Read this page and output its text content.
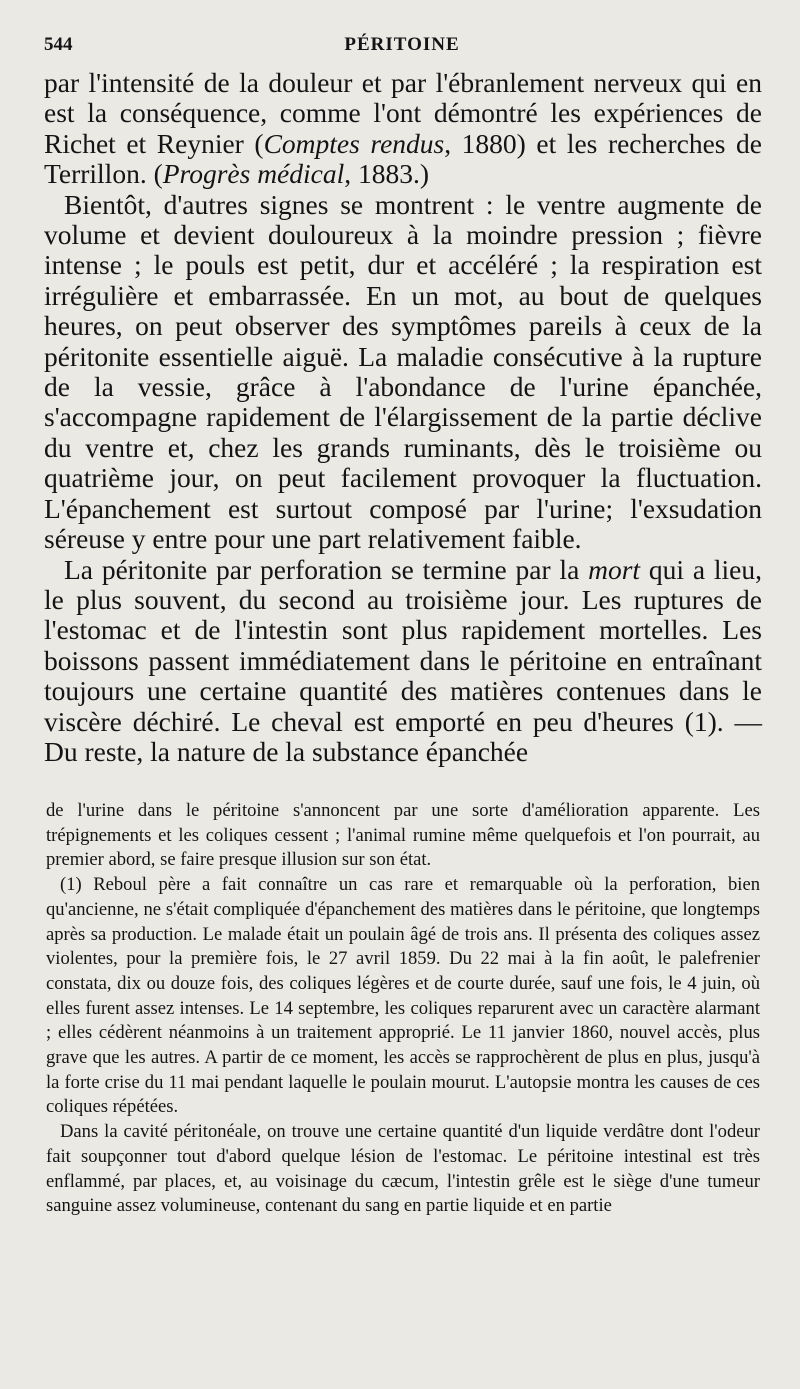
544	PÉRITOINE

par l'intensité de la douleur et par l'ébranlement nerveux qui en est la conséquence, comme l'ont démontré les expériences de Richet et Reynier (Comptes rendus, 1880) et les recherches de Terrillon. (Progrès médical, 1883.)

Bientôt, d'autres signes se montrent : le ventre augmente de volume et devient douloureux à la moindre pression ; fièvre intense ; le pouls est petit, dur et accéléré ; la respiration est irrégulière et embarrassée. En un mot, au bout de quelques heures, on peut observer des symptômes pareils à ceux de la péritonite essentielle aiguë. La maladie consécutive à la rupture de la vessie, grâce à l'abondance de l'urine épanchée, s'accompagne rapidement de l'élargissement de la partie déclive du ventre et, chez les grands ruminants, dès le troisième ou quatrième jour, on peut facilement provoquer la fluctuation. L'épanchement est surtout composé par l'urine; l'exsudation séreuse y entre pour une part relativement faible.

La péritonite par perforation se termine par la mort qui a lieu, le plus souvent, du second au troisième jour. Les ruptures de l'estomac et de l'intestin sont plus rapidement mortelles. Les boissons passent immédiatement dans le péritoine en entraînant toujours une certaine quantité des matières contenues dans le viscère déchiré. Le cheval est emporté en peu d'heures (1). — Du reste, la nature de la substance épanchée

de l'urine dans le péritoine s'annoncent par une sorte d'amélioration apparente. Les trépignements et les coliques cessent ; l'animal rumine même quelquefois et l'on pourrait, au premier abord, se faire presque illusion sur son état.

(1) Reboul père a fait connaître un cas rare et remarquable où la perforation, bien qu'ancienne, ne s'était compliquée d'épanchement des matières dans le péritoine, que longtemps après sa production. Le malade était un poulain âgé de trois ans. Il présenta des coliques assez violentes, pour la première fois, le 27 avril 1859. Du 22 mai à la fin août, le palefrenier constata, dix ou douze fois, des coliques légères et de courte durée, sauf une fois, le 4 juin, où elles furent assez intenses. Le 14 septembre, les coliques reparurent avec un caractère alarmant ; elles cédèrent néanmoins à un traitement approprié. Le 11 janvier 1860, nouvel accès, plus grave que les autres. A partir de ce moment, les accès se rapprochèrent de plus en plus, jusqu'à la forte crise du 11 mai pendant laquelle le poulain mourut. L'autopsie montra les causes de ces coliques répétées.

Dans la cavité péritonéale, on trouve une certaine quantité d'un liquide verdâtre dont l'odeur fait soupçonner tout d'abord quelque lésion de l'estomac. Le péritoine intestinal est très enflammé, par places, et, au voisinage du cæcum, l'intestin grêle est le siège d'une tumeur sanguine assez volumineuse, contenant du sang en partie liquide et en partie
